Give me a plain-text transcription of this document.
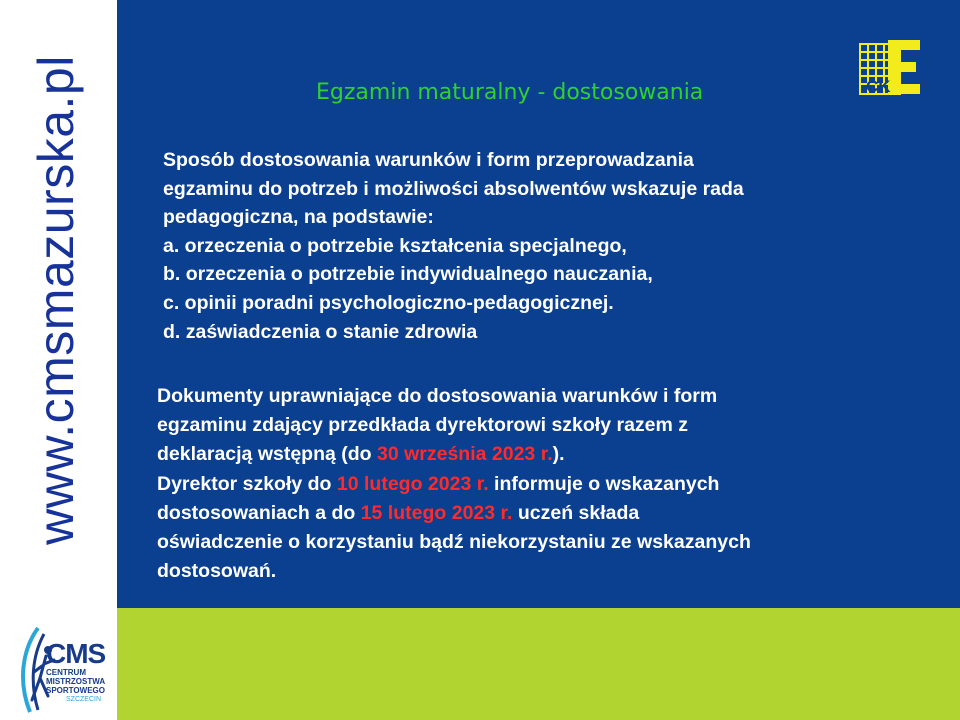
www.cmsmazurska.pl	CK
Egzamin maturalny - dostosowania
Sposób dostosowania warunków i form przeprowadzania
egzaminu do potrzeb i możliwości absolwentów wskazuje rada
pedagogiczna, na podstawie:
a. orzeczenia o potrzebie kształcenia specjalnego,
b. orzeczenia o potrzebie indywidualnego nauczania,
c. opinii poradni psychologiczno-pedagogicznej.
d. zaświadczenia o stanie zdrowia
Dokumenty uprawniające do dostosowania warunków i form
egzaminu zdający przedkłada dyrektorowi szkoły razem z
deklaracją wstępną (do 30 września 2023 r.).
Dyrektor szkoły do 10 lutego 2023 r. informuje o wskazanych
dostosowaniach a do 15 lutego 2023 r. uczeń składa
oświadczenie o korzystaniu bądź niekorzystaniu ze wskazanych
dostosowań.
CMS
CENTRUM
MISTRZOSTWA
SPORTOWEGO
SZCZECIN
